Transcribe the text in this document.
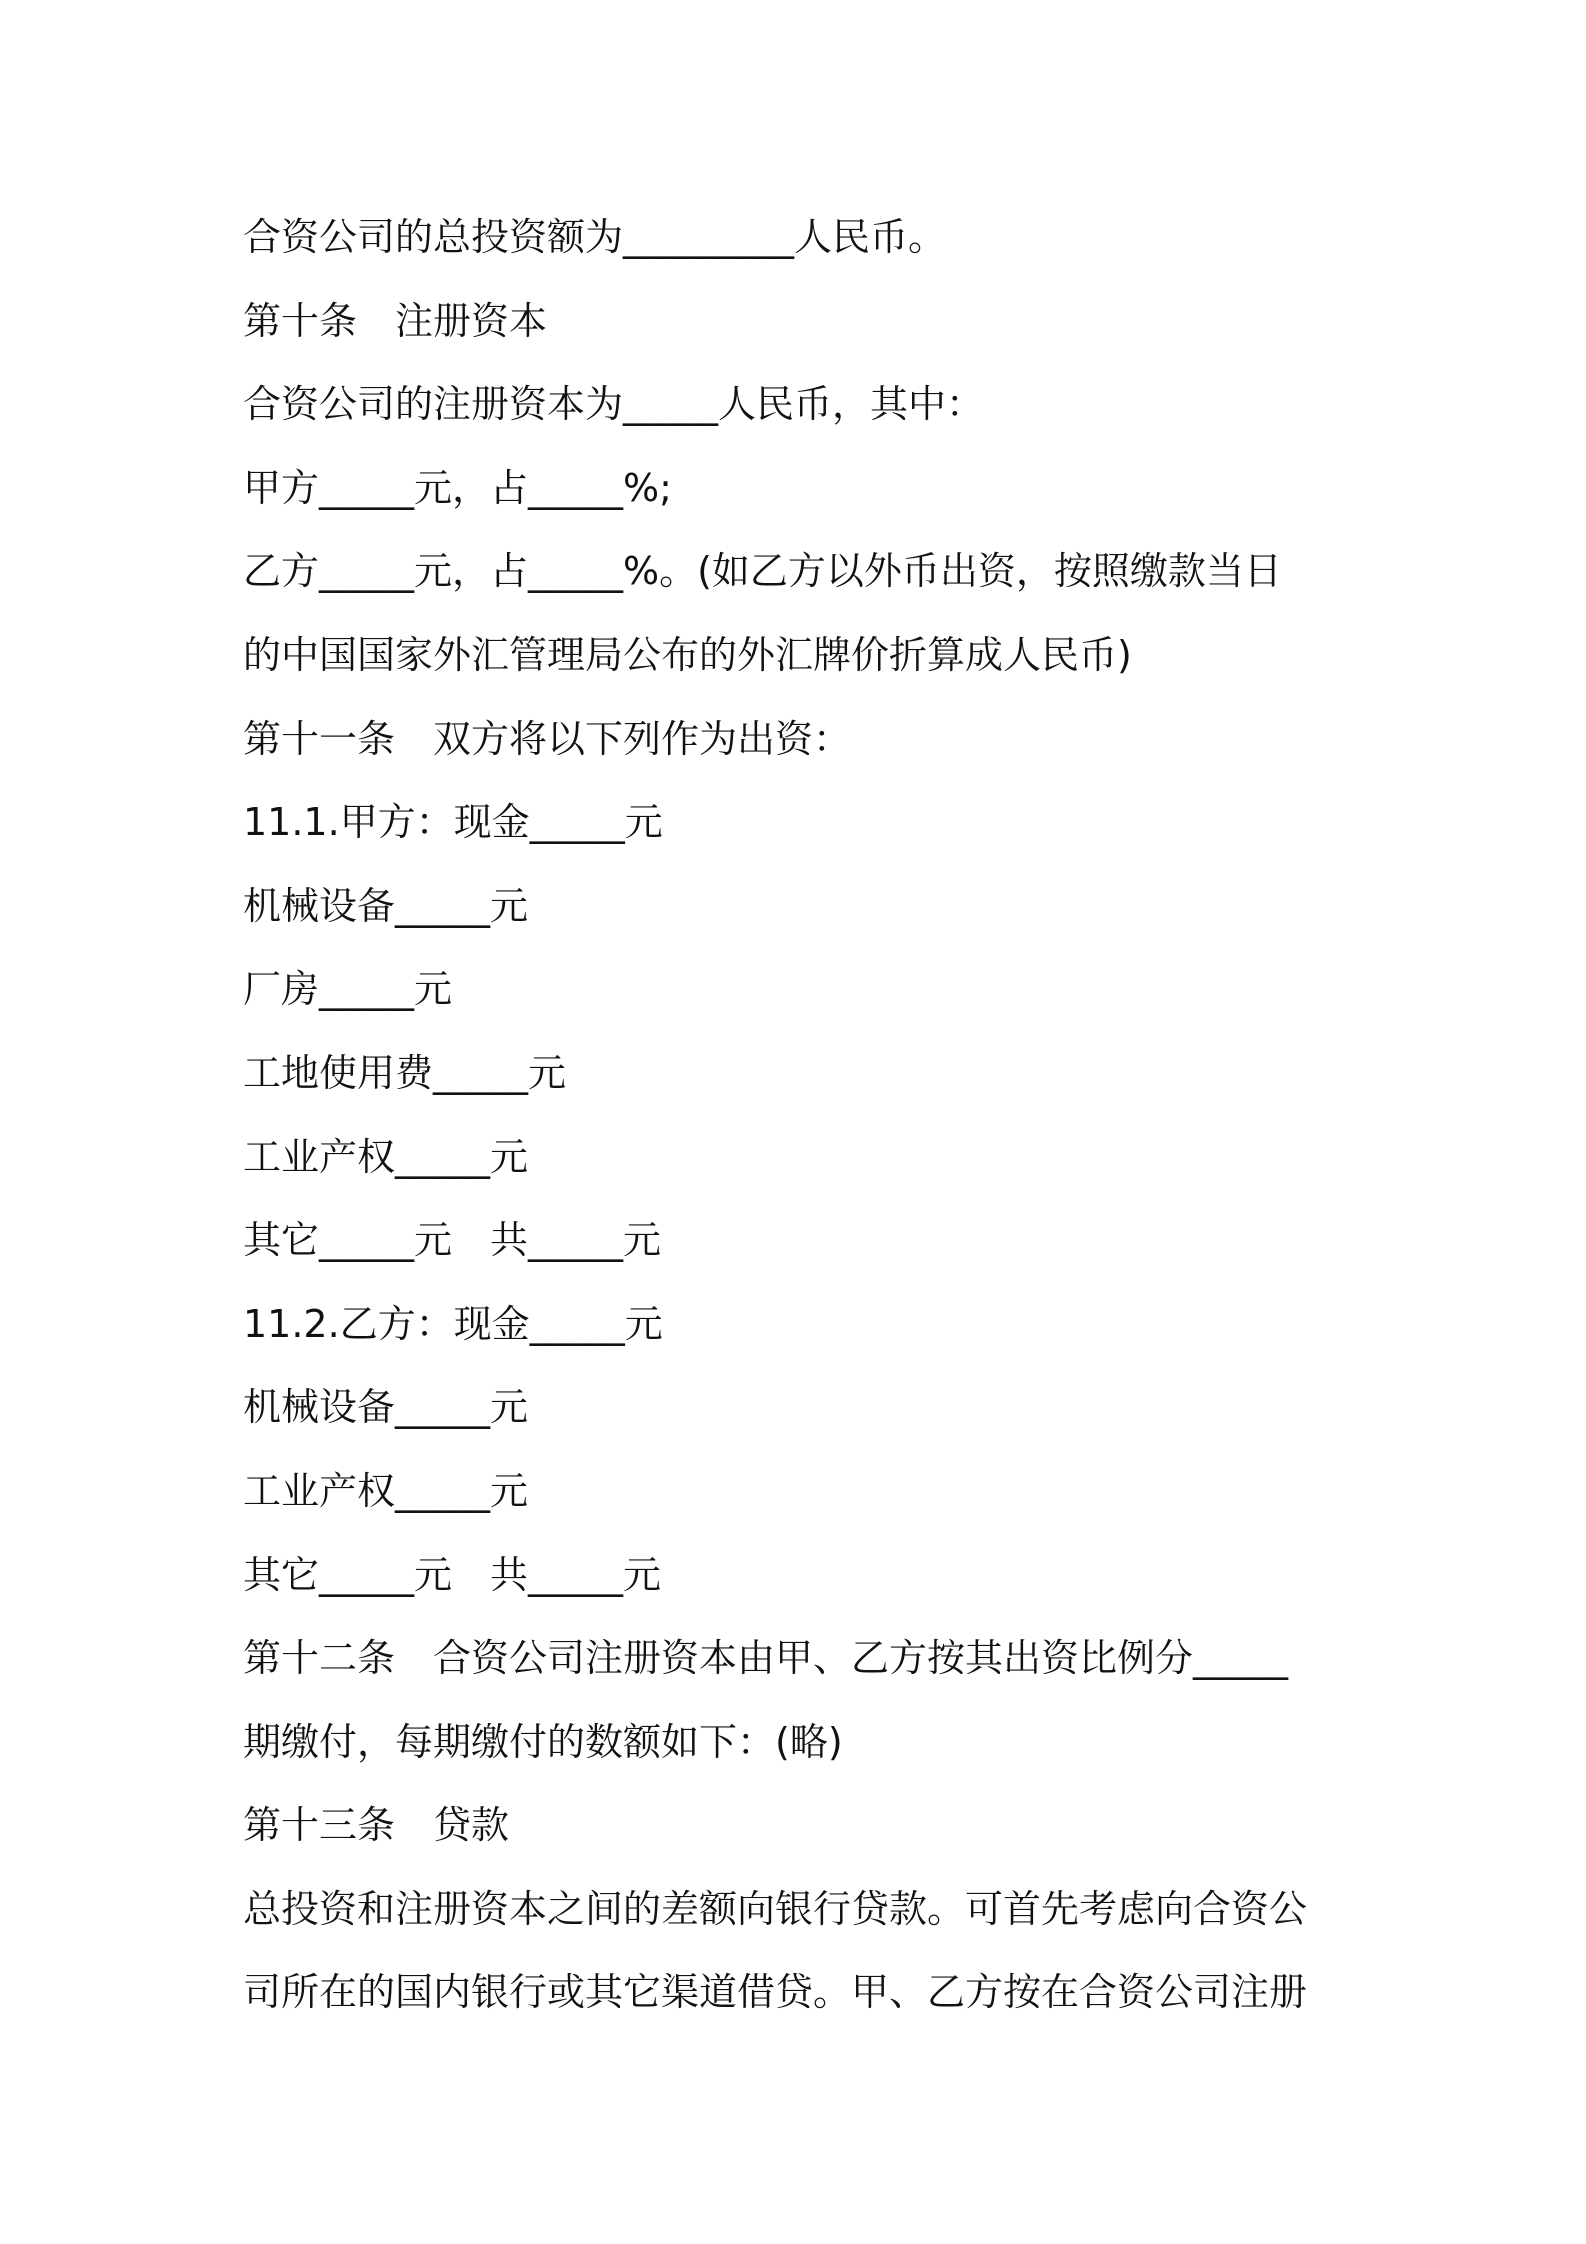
合资公司的总投资额为_________人民币。

第十条　注册资本

合资公司的注册资本为_____人民币，其中：

甲方_____元，占_____%;

乙方_____元，占_____%。(如乙方以外币出资，按照缴款当日

的中国国家外汇管理局公布的外汇牌价折算成人民币)

第十一条　双方将以下列作为出资：

11.1.甲方：现金_____元

机械设备_____元

厂房_____元

工地使用费_____元

工业产权_____元

其它_____元　共_____元

11.2.乙方：现金_____元

机械设备_____元

工业产权_____元

其它_____元　共_____元

第十二条　合资公司注册资本由甲、乙方按其出资比例分_____

期缴付，每期缴付的数额如下：(略)

第十三条　贷款

总投资和注册资本之间的差额向银行贷款。可首先考虑向合资公

司所在的国内银行或其它渠道借贷。甲、乙方按在合资公司注册
